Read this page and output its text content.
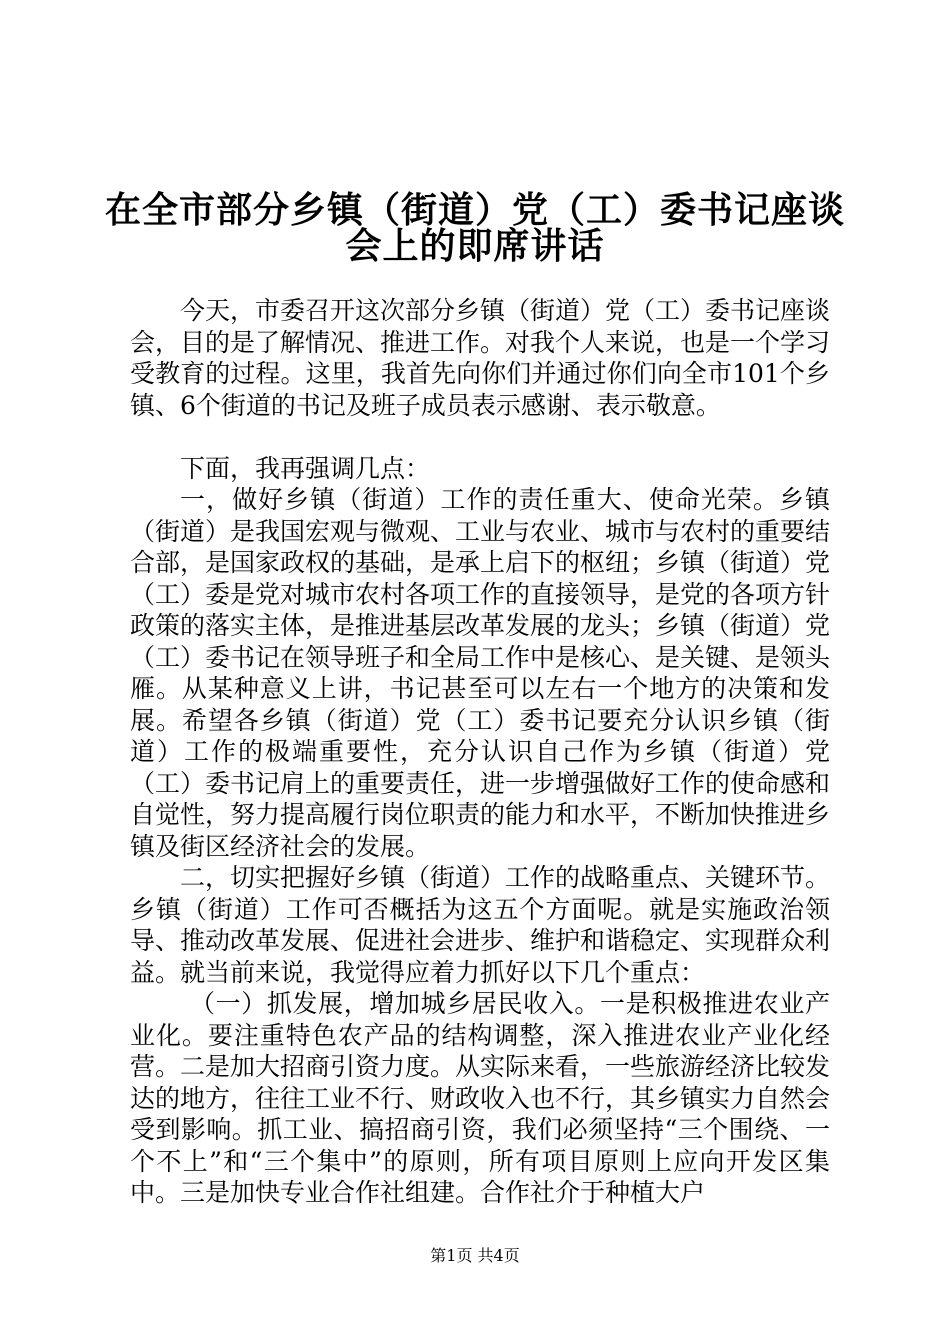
在全市部分乡镇（街道）党（工）委书记座谈
会上的即席讲话

今天，市委召开这次部分乡镇（街道）党（工）委书记座谈会，目的是了解情况、推进工作。对我个人来说，也是一个学习受教育的过程。这里，我首先向你们并通过你们向全市101个乡镇、6个街道的书记及班子成员表示感谢、表示敬意。

下面，我再强调几点：

一，做好乡镇（街道）工作的责任重大、使命光荣。乡镇（街道）是我国宏观与微观、工业与农业、城市与农村的重要结合部，是国家政权的基础，是承上启下的枢纽；乡镇（街道）党（工）委是党对城市农村各项工作的直接领导，是党的各项方针政策的落实主体，是推进基层改革发展的龙头；乡镇（街道）党（工）委书记在领导班子和全局工作中是核心、是关键、是领头雁。从某种意义上讲，书记甚至可以左右一个地方的决策和发展。希望各乡镇（街道）党（工）委书记要充分认识乡镇（街道）工作的极端重要性，充分认识自己作为乡镇（街道）党（工）委书记肩上的重要责任，进一步增强做好工作的使命感和自觉性，努力提高履行岗位职责的能力和水平，不断加快推进乡镇及街区经济社会的发展。

二，切实把握好乡镇（街道）工作的战略重点、关键环节。乡镇（街道）工作可否概括为这五个方面呢。就是实施政治领导、推动改革发展、促进社会进步、维护和谐稳定、实现群众利益。就当前来说，我觉得应着力抓好以下几个重点：

（一）抓发展，增加城乡居民收入。一是积极推进农业产业化。要注重特色农产品的结构调整，深入推进农业产业化经营。二是加大招商引资力度。从实际来看，一些旅游经济比较发达的地方，往往工业不行、财政收入也不行，其乡镇实力自然会受到影响。抓工业、搞招商引资，我们必须坚持“三个围绕、一个不上”和“三个集中”的原则，所有项目原则上应向开发区集中。三是加快专业合作社组建。合作社介于种植大户

第1页 共4页
